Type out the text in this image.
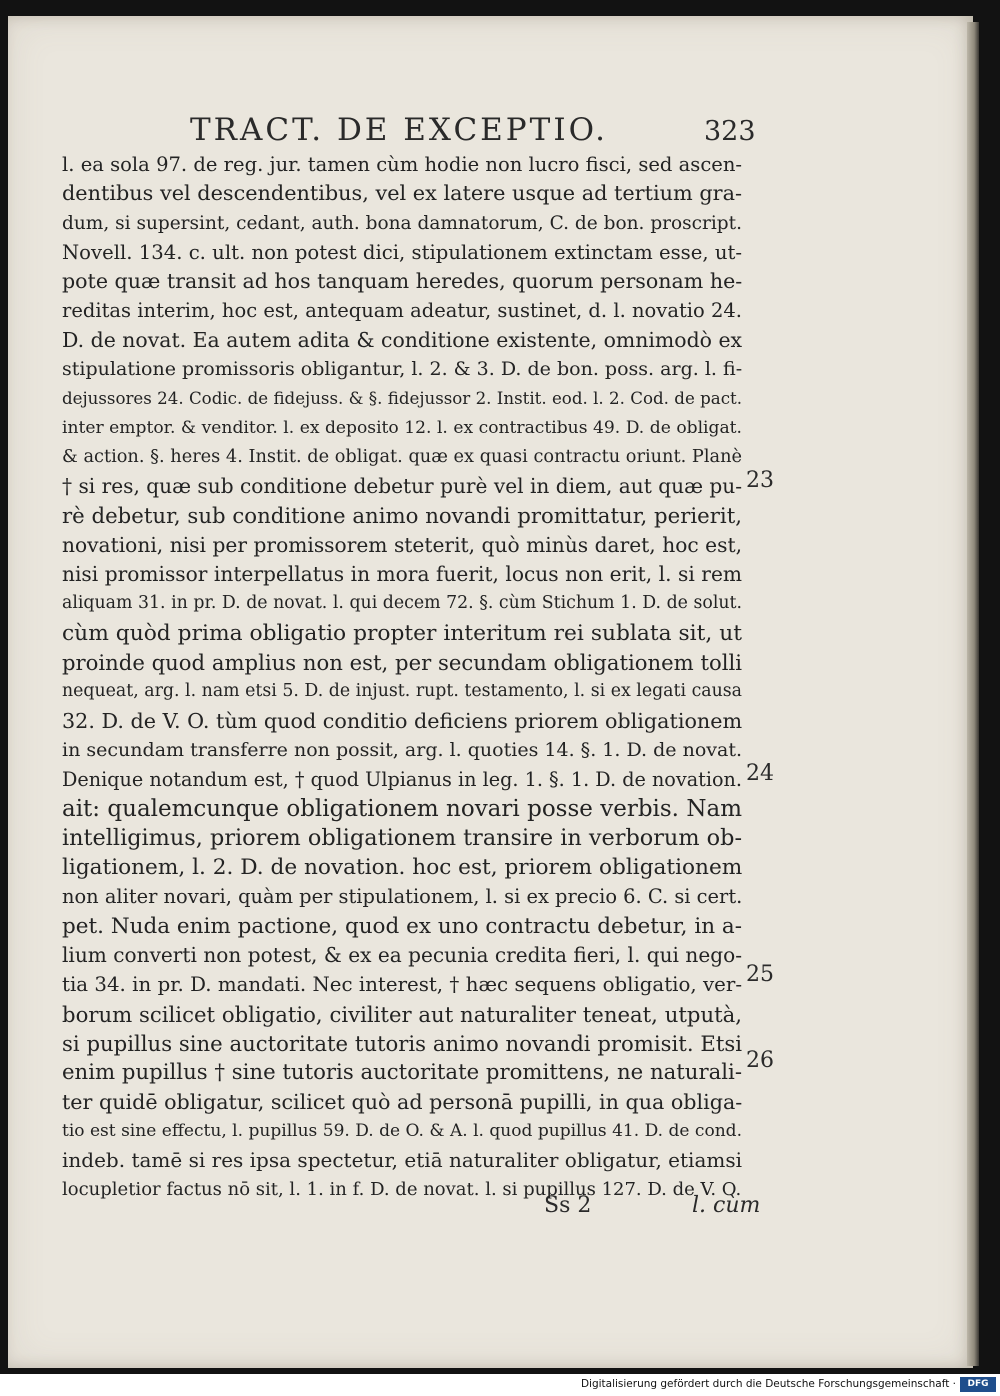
TRACT. DE EXCEPTIO.	323
l. ea sola 97. de reg. jur. tamen cùm hodie non lucro fisci, sed ascen-
dentibus vel descendentibus, vel ex latere usque ad tertium gra-
dum, si supersint, cedant, auth. bona damnatorum, C. de bon. proscript.
Novell. 134. c. ult. non potest dici, stipulationem extinctam esse, ut-
pote quæ transit ad hos tanquam heredes, quorum personam he-
reditas interim, hoc est, antequam adeatur, sustinet, d. l. novatio 24.
D. de novat. Ea autem adita & conditione existente, omnimodò ex
stipulatione promissoris obligantur, l. 2. & 3. D. de bon. poss. arg. l. fi-
dejussores 24. Codic. de fidejuss. & §. fidejussor 2. Instit. eod. l. 2. Cod. de pact.
inter emptor. & venditor. l. ex deposito 12. l. ex contractibus 49. D. de obligat.
& action. §. heres 4. Instit. de obligat. quæ ex quasi contractu oriunt. Planè
† si res, quæ sub conditione debetur purè vel in diem, aut quæ pu-
rè debetur, sub conditione animo novandi promittatur, perierit,
novationi, nisi per promissorem steterit, quò minùs daret, hoc est,
nisi promissor interpellatus in mora fuerit, locus non erit, l. si rem
aliquam 31. in pr. D. de novat. l. qui decem 72. §. cùm Stichum 1. D. de solut.
cùm quòd prima obligatio propter interitum rei sublata sit, ut
proinde quod amplius non est, per secundam obligationem tolli
nequeat, arg. l. nam etsi 5. D. de injust. rupt. testamento, l. si ex legati causa
32. D. de V. O. tùm quod conditio deficiens priorem obligationem
in secundam transferre non possit, arg. l. quoties 14. §. 1. D. de novat.
Denique notandum est, † quod Ulpianus in leg. 1. §. 1. D. de novation.
ait: qualemcunque obligationem novari posse verbis. Nam
intelligimus, priorem obligationem transire in verborum ob-
ligationem, l. 2. D. de novation. hoc est, priorem obligationem
non aliter novari, quàm per stipulationem, l. si ex precio 6. C. si cert.
pet. Nuda enim pactione, quod ex uno contractu debetur, in a-
lium converti non potest, & ex ea pecunia credita fieri, l. qui nego-
tia 34. in pr. D. mandati. Nec interest, † hæc sequens obligatio, ver-
borum scilicet obligatio, civiliter aut naturaliter teneat, utputà,
si pupillus sine auctoritate tutoris animo novandi promisit. Etsi
enim pupillus † sine tutoris auctoritate promittens, ne naturali-
ter quidē obligatur, scilicet quò ad personā pupilli, in qua obliga-
tio est sine effectu, l. pupillus 59. D. de O. & A. l. quod pupillus 41. D. de cond.
indeb. tamē si res ipsa spectetur, etiā naturaliter obligatur, etiamsi
locupletior factus nō sit, l. 1. in f. D. de novat. l. si pupillus 127. D. de V. O.
23
24
25
26
Ss 2	l. cùm
Digitalisierung gefördert durch die Deutsche Forschungsgemeinschaft ·	DFG
